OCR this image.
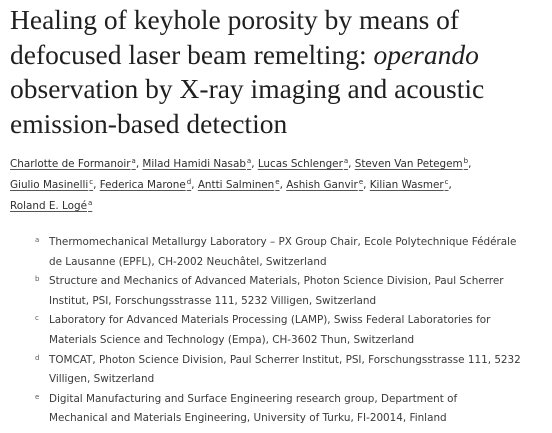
Healing of keyhole porosity by means of
defocused laser beam remelting: operando
observation by X-ray imaging and acoustic
emission-based detection
Charlotte de Formanoir$^a$, Milad Hamidi Nasab$^a$, Lucas Schlenger$^a$, Steven Van Petegem$^b$,
Giulio Masinelli$^c$, Federica Marone$^d$, Antti Salminen$^e$, Ashish Ganvir$^e$, Kilian Wasmer$^c$,
Roland E. Logé$^a$
a Thermomechanical Metallurgy Laboratory – PX Group Chair, Ecole Polytechnique Fédérale
de Lausanne (EPFL), CH-2002 Neuchâtel, Switzerland
b Structure and Mechanics of Advanced Materials, Photon Science Division, Paul Scherrer
Institut, PSI, Forschungsstrasse 111, 5232 Villigen, Switzerland
c Laboratory for Advanced Materials Processing (LAMP), Swiss Federal Laboratories for
Materials Science and Technology (Empa), CH-3602 Thun, Switzerland
d TOMCAT, Photon Science Division, Paul Scherrer Institut, PSI, Forschungsstrasse 111, 5232
Villigen, Switzerland
e Digital Manufacturing and Surface Engineering research group, Department of
Mechanical and Materials Engineering, University of Turku, FI-20014, Finland
